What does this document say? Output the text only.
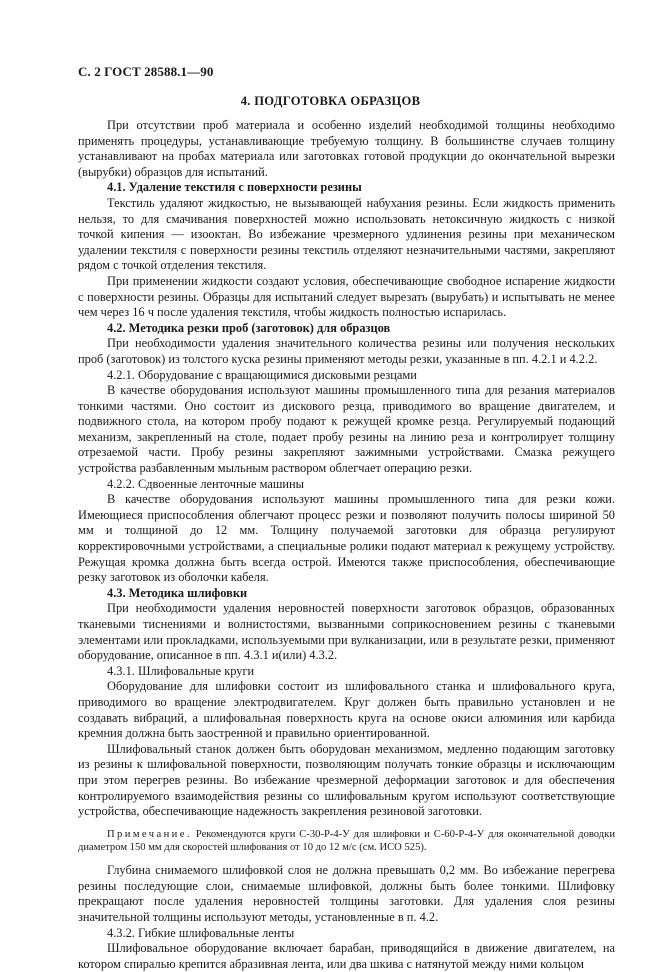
С. 2 ГОСТ 28588.1—90
4. ПОДГОТОВКА ОБРАЗЦОВ

При отсутствии проб материала и особенно изделий необходимой толщины необходимо применять процедуры, устанавливающие требуемую толщину. В большинстве случаев толщину устанавливают на пробах материала или заготовках готовой продукции до окончательной вырезки (вырубки) образцов для испытаний.

4.1. Удаление текстиля с поверхности резины

Текстиль удаляют жидкостью, не вызывающей набухания резины. Если жидкость применить нельзя, то для смачивания поверхностей можно использовать нетоксичную жидкость с низкой точкой кипения — изооктан. Во избежание чрезмерного удлинения резины при механическом удалении текстиля с поверхности резины текстиль отделяют незначительными частями, закрепляют рядом с точкой отделения текстиля.

При применении жидкости создают условия, обеспечивающие свободное испарение жидкости с поверхности резины. Образцы для испытаний следует вырезать (вырубать) и испытывать не менее чем через 16 ч после удаления текстиля, чтобы жидкость полностью испарилась.

4.2. Методика резки проб (заготовок) для образцов

При необходимости удаления значительного количества резины или получения нескольких проб (заготовок) из толстого куска резины применяют методы резки, указанные в пп. 4.2.1 и 4.2.2.

4.2.1. Оборудование с вращающимися дисковыми резцами

В качестве оборудования используют машины промышленного типа для резания материалов тонкими частями. Оно состоит из дискового резца, приводимого во вращение двигателем, и подвижного стола, на котором пробу подают к режущей кромке резца. Регулируемый подающий механизм, закрепленный на столе, подает пробу резины на линию реза и контролирует толщину отрезаемой части. Пробу резины закрепляют зажимными устройствами. Смазка режущего устройства разбавленным мыльным раствором облегчает операцию резки.

4.2.2. Сдвоенные ленточные машины

В качестве оборудования используют машины промышленного типа для резки кожи. Имеющиеся приспособления облегчают процесс резки и позволяют получить полосы шириной 50 мм и толщиной до 12 мм. Толщину получаемой заготовки для образца регулируют корректировочными устройствами, а специальные ролики подают материал к режущему устройству. Режущая кромка должна быть всегда острой. Имеются также приспособления, обеспечивающие резку заготовок из оболочки кабеля.

4.3. Методика шлифовки

При необходимости удаления неровностей поверхности заготовок образцов, образованных тканевыми тиснениями и волнистостями, вызванными соприкосновением резины с тканевыми элементами или прокладками, используемыми при вулканизации, или в результате резки, применяют оборудование, описанное в пп. 4.3.1 и(или) 4.3.2.

4.3.1. Шлифовальные круги

Оборудование для шлифовки состоит из шлифовального станка и шлифовального круга, приводимого во вращение электродвигателем. Круг должен быть правильно установлен и не создавать вибраций, а шлифовальная поверхность круга на основе окиси алюминия или карбида кремния должна быть заостренной и правильно ориентированной.

Шлифовальный станок должен быть оборудован механизмом, медленно подающим заготовку из резины к шлифовальной поверхности, позволяющим получать тонкие образцы и исключающим при этом перегрев резины. Во избежание чрезмерной деформации заготовок и для обеспечения контролируемого взаимодействия резины со шлифовальным кругом используют соответствующие устройства, обеспечивающие надежность закрепления резиновой заготовки.

Примечание. Рекомендуются круги С-30-Р-4-У для шлифовки и С-60-Р-4-У для окончательной доводки диаметром 150 мм для скоростей шлифования от 10 до 12 м/с (см. ИСО 525).

Глубина снимаемого шлифовкой слоя не должна превышать 0,2 мм. Во избежание перегрева резины последующие слои, снимаемые шлифовкой, должны быть более тонкими. Шлифовку прекращают после удаления неровностей толщины заготовки. Для удаления слоя резины значительной толщины используют методы, установленные в п. 4.2.

4.3.2. Гибкие шлифовальные ленты

Шлифовальное оборудование включает барабан, приводящийся в движение двигателем, на котором спиралью крепится абразивная лента, или два шкива с натянутой между ними кольцом
